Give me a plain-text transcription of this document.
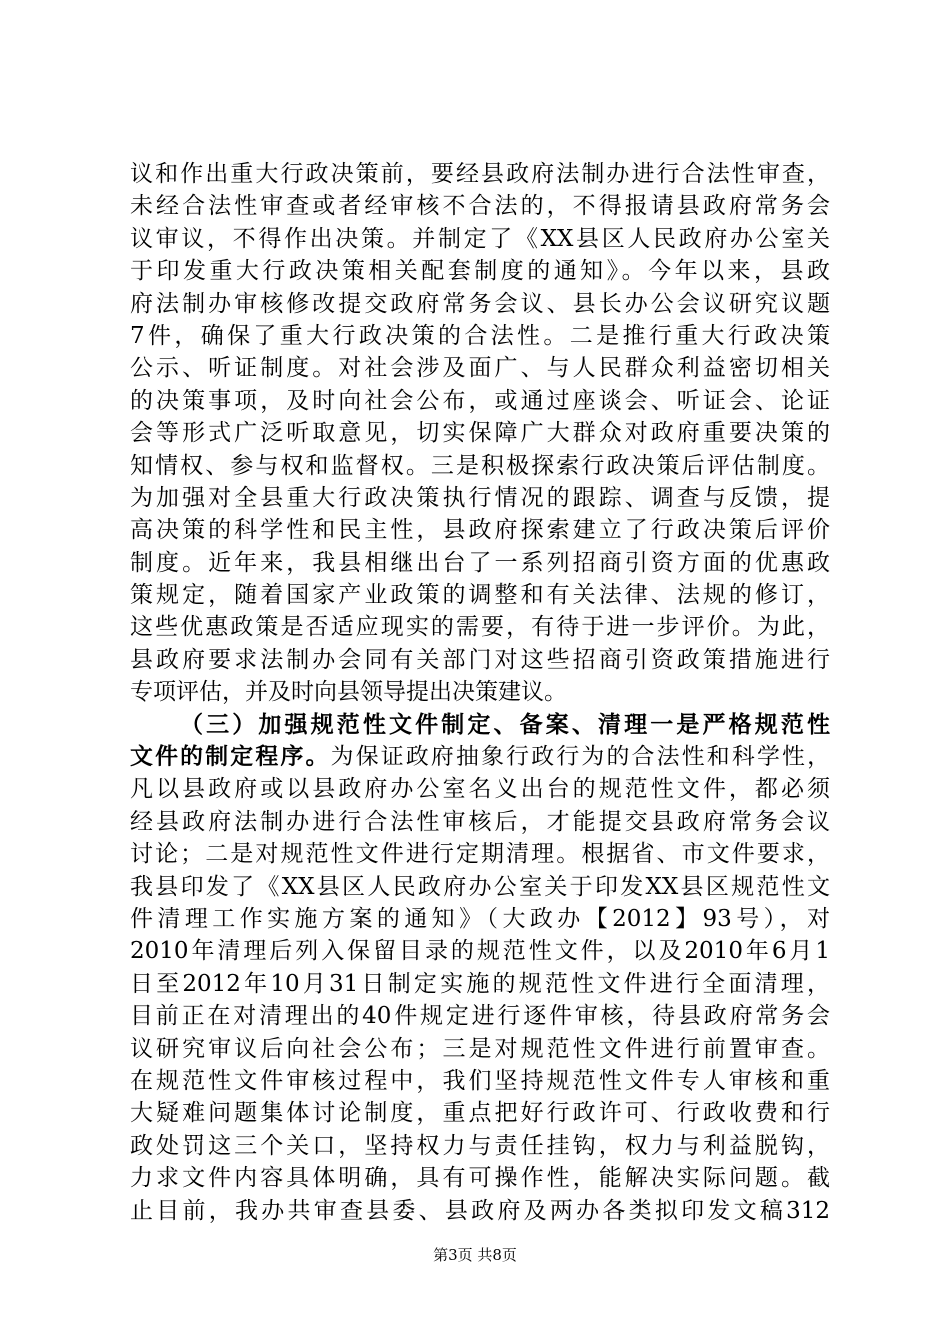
议和作出重大行政决策前，要经县政府法制办进行合法性审查，
未经合法性审查或者经审核不合法的，不得报请县政府常务会
议审议，不得作出决策。并制定了《XX县区人民政府办公室关
于印发重大行政决策相关配套制度的通知》。今年以来，县政
府法制办审核修改提交政府常务会议、县长办公会议研究议题
7件，确保了重大行政决策的合法性。二是推行重大行政决策
公示、听证制度。对社会涉及面广、与人民群众利益密切相关
的决策事项，及时向社会公布，或通过座谈会、听证会、论证
会等形式广泛听取意见，切实保障广大群众对政府重要决策的
知情权、参与权和监督权。三是积极探索行政决策后评估制度。
为加强对全县重大行政决策执行情况的跟踪、调查与反馈，提
高决策的科学性和民主性，县政府探索建立了行政决策后评价
制度。近年来，我县相继出台了一系列招商引资方面的优惠政
策规定，随着国家产业政策的调整和有关法律、法规的修订，
这些优惠政策是否适应现实的需要，有待于进一步评价。为此，
县政府要求法制办会同有关部门对这些招商引资政策措施进行
专项评估，并及时向县领导提出决策建议。
（三）加强规范性文件制定、备案、清理一是严格规范性
文件的制定程序。为保证政府抽象行政行为的合法性和科学性，
凡以县政府或以县政府办公室名义出台的规范性文件，都必须
经县政府法制办进行合法性审核后，才能提交县政府常务会议
讨论；二是对规范性文件进行定期清理。根据省、市文件要求，
我县印发了《XX县区人民政府办公室关于印发XX县区规范性文
件清理工作实施方案的通知》（大政办【2012】93号），对
2010年清理后列入保留目录的规范性文件，以及2010年6月1
日至2012年10月31日制定实施的规范性文件进行全面清理，
目前正在对清理出的40件规定进行逐件审核，待县政府常务会
议研究审议后向社会公布；三是对规范性文件进行前置审查。
在规范性文件审核过程中，我们坚持规范性文件专人审核和重
大疑难问题集体讨论制度，重点把好行政许可、行政收费和行
政处罚这三个关口，坚持权力与责任挂钩，权力与利益脱钩，
力求文件内容具体明确，具有可操作性，能解决实际问题。截
止目前，我办共审查县委、县政府及两办各类拟印发文稿312
第3页 共8页
